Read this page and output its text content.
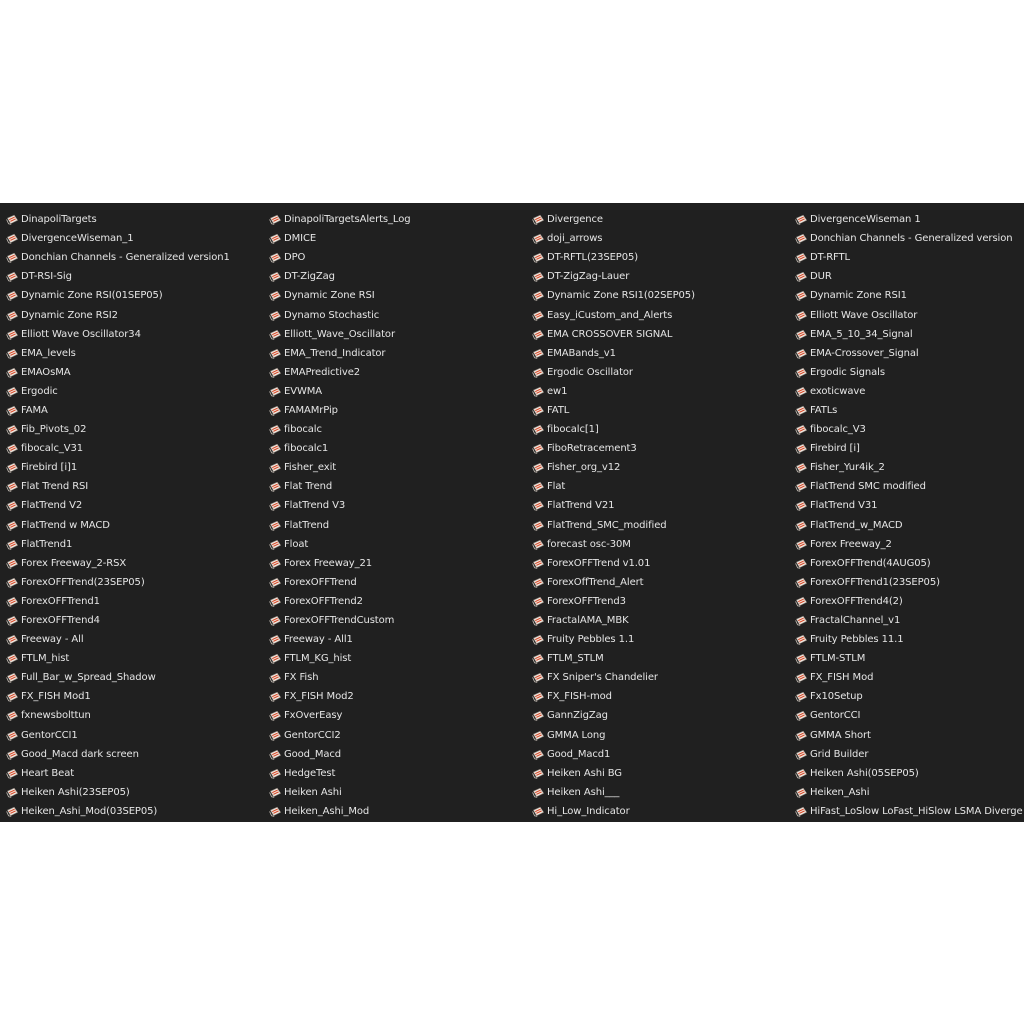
DinapoliTargets	DinapoliTargetsAlerts_Log	Divergence	DivergenceWiseman 1
DivergenceWiseman_1	DMICE	doji_arrows	Donchian Channels - Generalized version
Donchian Channels - Generalized version1	DPO	DT-RFTL(23SEP05)	DT-RFTL
DT-RSI-Sig	DT-ZigZag	DT-ZigZag-Lauer	DUR
Dynamic Zone RSI(01SEP05)	Dynamic Zone RSI	Dynamic Zone RSI1(02SEP05)	Dynamic Zone RSI1
Dynamic Zone RSI2	Dynamo Stochastic	Easy_iCustom_and_Alerts	Elliott Wave Oscillator
Elliott Wave Oscillator34	Elliott_Wave_Oscillator	EMA CROSSOVER SIGNAL	EMA_5_10_34_Signal
EMA_levels	EMA_Trend_Indicator	EMABands_v1	EMA-Crossover_Signal
EMAOsMA	EMAPredictive2	Ergodic Oscillator	Ergodic Signals
Ergodic	EVWMA	ew1	exoticwave
FAMA	FAMAMrPip	FATL	FATLs
Fib_Pivots_02	fibocalc	fibocalc[1]	fibocalc_V3
fibocalc_V31	fibocalc1	FiboRetracement3	Firebird [i]
Firebird [i]1	Fisher_exit	Fisher_org_v12	Fisher_Yur4ik_2
Flat Trend RSI	Flat Trend	Flat	FlatTrend SMC modified
FlatTrend V2	FlatTrend V3	FlatTrend V21	FlatTrend V31
FlatTrend w MACD	FlatTrend	FlatTrend_SMC_modified	FlatTrend_w_MACD
FlatTrend1	Float	forecast osc-30M	Forex Freeway_2
Forex Freeway_2-RSX	Forex Freeway_21	ForexOFFTrend v1.01	ForexOFFTrend(4AUG05)
ForexOFFTrend(23SEP05)	ForexOFFTrend	ForexOffTrend_Alert	ForexOFFTrend1(23SEP05)
ForexOFFTrend1	ForexOFFTrend2	ForexOFFTrend3	ForexOFFTrend4(2)
ForexOFFTrend4	ForexOFFTrendCustom	FractalAMA_MBK	FractalChannel_v1
Freeway - All	Freeway - All1	Fruity Pebbles 1.1	Fruity Pebbles 11.1
FTLM_hist	FTLM_KG_hist	FTLM_STLM	FTLM-STLM
Full_Bar_w_Spread_Shadow	FX Fish	FX Sniper's Chandelier	FX_FISH Mod
FX_FISH Mod1	FX_FISH Mod2	FX_FISH-mod	Fx10Setup
fxnewsbolttun	FxOverEasy	GannZigZag	GentorCCI
GentorCCI1	GentorCCI2	GMMA Long	GMMA Short
Good_Macd dark screen	Good_Macd	Good_Macd1	Grid Builder
Heart Beat	HedgeTest	Heiken Ashi BG	Heiken Ashi(05SEP05)
Heiken Ashi(23SEP05)	Heiken Ashi	Heiken Ashi___	Heiken_Ashi
Heiken_Ashi_Mod(03SEP05)	Heiken_Ashi_Mod	Hi_Low_Indicator	HiFast_LoSlow LoFast_HiSlow LSMA Diverge
